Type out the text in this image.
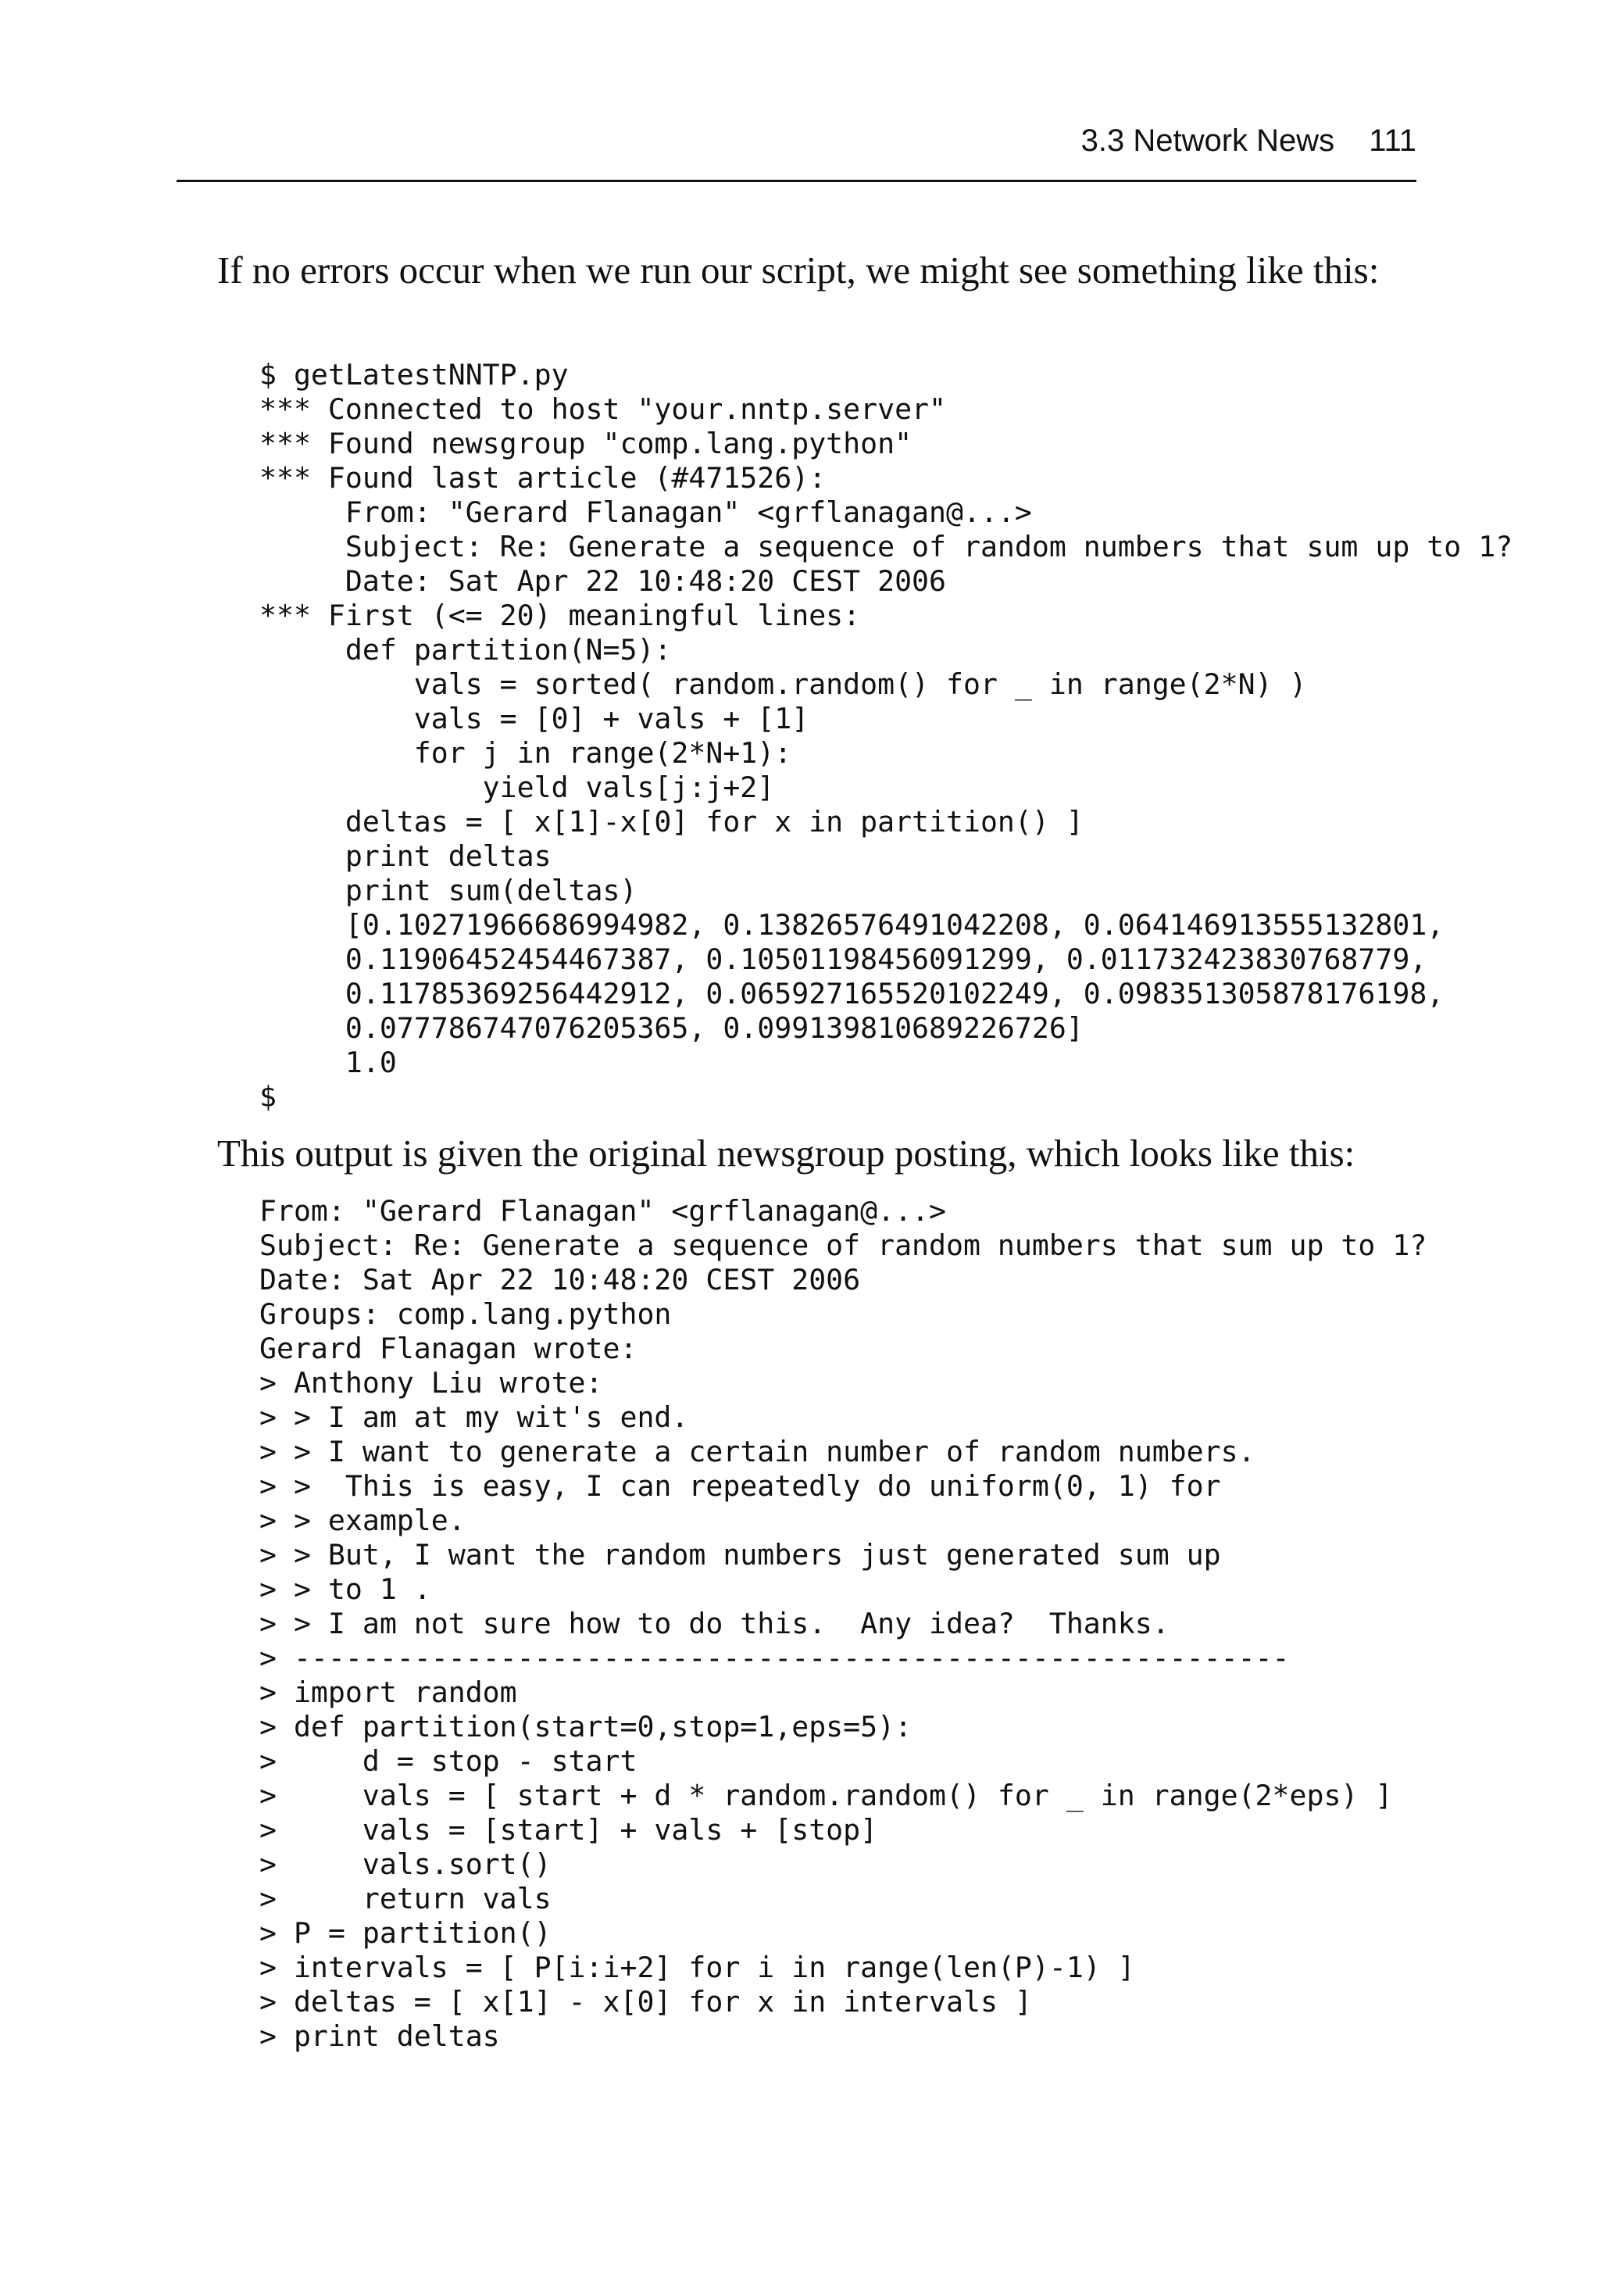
3.3 Network News 111

If no errors occur when we run our script, we might see something like this:

$ getLatestNNTP.py
*** Connected to host "your.nntp.server"
*** Found newsgroup "comp.lang.python"
*** Found last article (#471526):
From: "Gerard Flanagan" <grflanagan@...>
Subject: Re: Generate a sequence of random numbers that sum up to 1?
Date: Sat Apr 22 10:48:20 CEST 2006
*** First (<= 20) meaningful lines:
def partition(N=5):
vals = sorted( random.random() for _ in range(2*N) )
vals = [0] + vals + [1]
for j in range(2*N+1):
yield vals[j:j+2]
deltas = [ x[1]-x[0] for x in partition() ]
print deltas
print sum(deltas)
[0.10271966686994982, 0.13826576491042208, 0.064146913555132801,
0.11906452454467387, 0.10501198456091299, 0.011732423830768779,
0.11785369256442912, 0.065927165520102249, 0.098351305878176198,
0.077786747076205365, 0.099139810689226726]
1.0
$

This output is given the original newsgroup posting, which looks like this:

From: "Gerard Flanagan" <grflanagan@...>
Subject: Re: Generate a sequence of random numbers that sum up to 1?
Date: Sat Apr 22 10:48:20 CEST 2006
Groups: comp.lang.python
Gerard Flanagan wrote:
> Anthony Liu wrote:
> > I am at my wit's end.
> > I want to generate a certain number of random numbers.
> >  This is easy, I can repeatedly do uniform(0, 1) for
> > example.
> > But, I want the random numbers just generated sum up
> > to 1 .
> > I am not sure how to do this.  Any idea?  Thanks.
> ----------------------------------------------------------
> import random
> def partition(start=0,stop=1,eps=5):
>     d = stop - start
>     vals = [ start + d * random.random() for _ in range(2*eps) ]
>     vals = [start] + vals + [stop]
>     vals.sort()
>     return vals
> P = partition()
> intervals = [ P[i:i+2] for i in range(len(P)-1) ]
> deltas = [ x[1] - x[0] for x in intervals ]
> print deltas
